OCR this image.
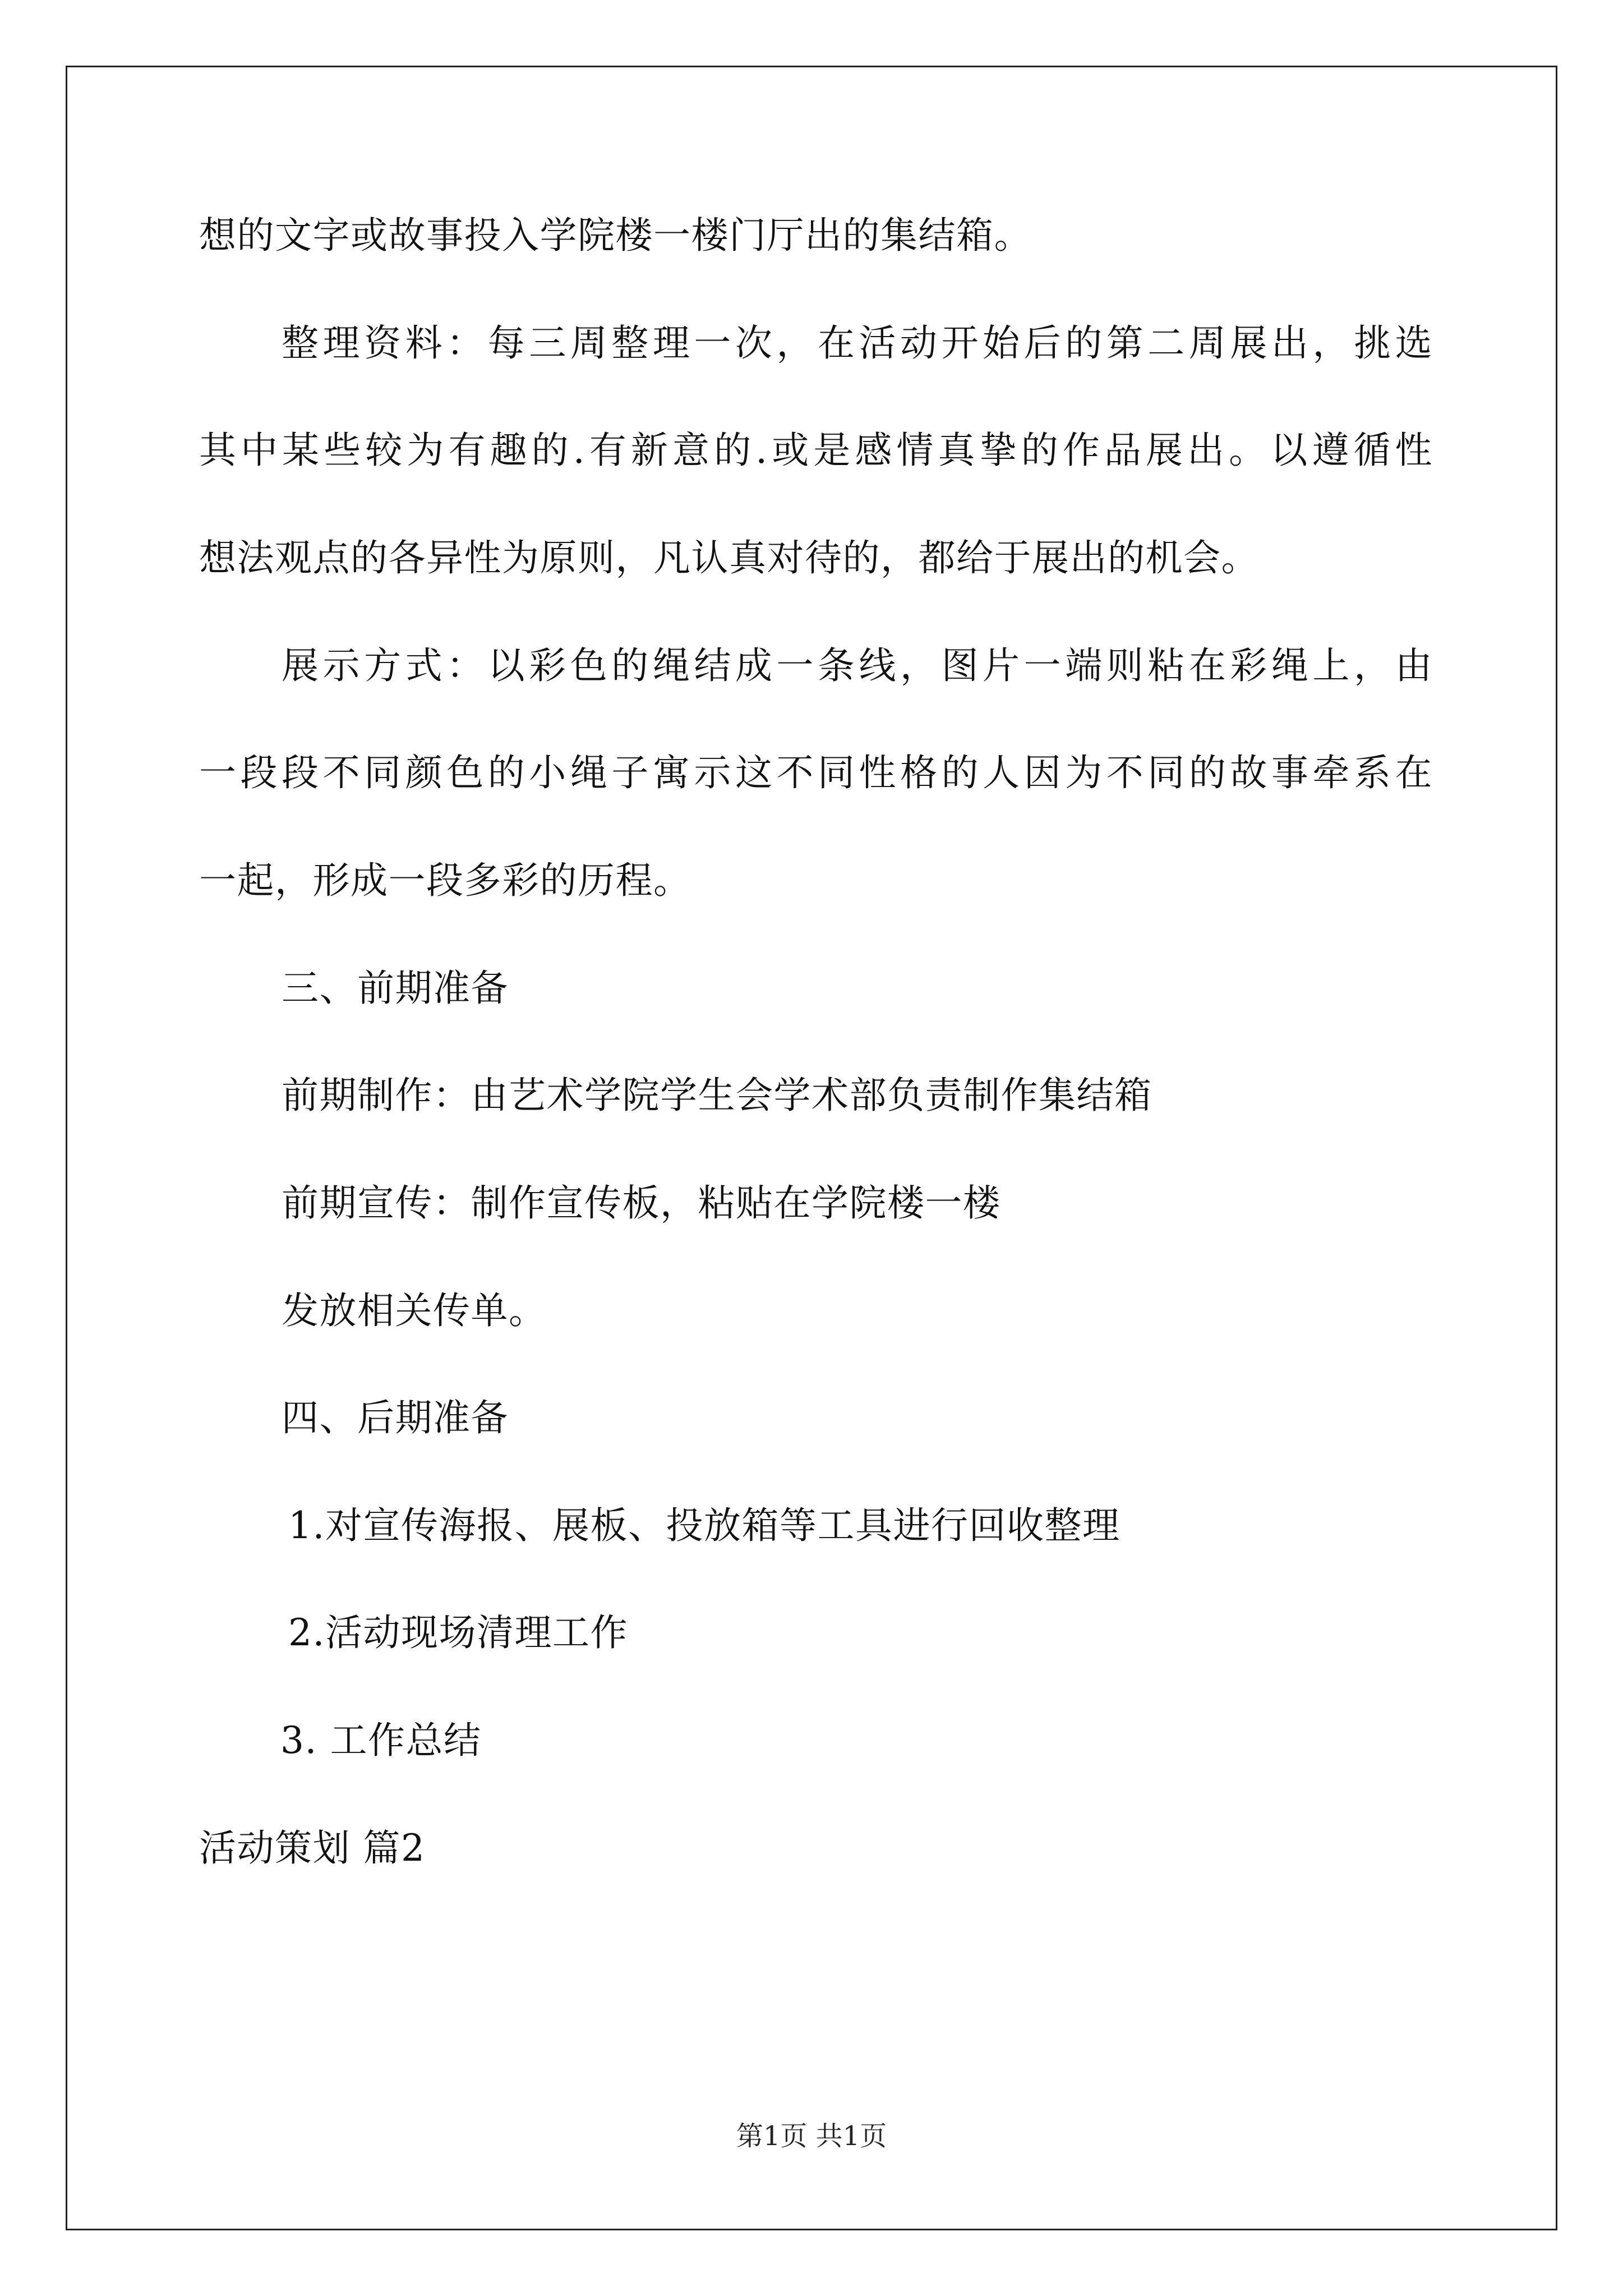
想的文字或故事投入学院楼一楼门厅出的集结箱。
整理资料：每三周整理一次，在活动开始后的第二周展出，挑选
其中某些较为有趣的.有新意的.或是感情真挚的作品展出。以遵循性
想法观点的各异性为原则，凡认真对待的，都给于展出的机会。
展示方式：以彩色的绳结成一条线，图片一端则粘在彩绳上，由
一段段不同颜色的小绳子寓示这不同性格的人因为不同的故事牵系在
一起，形成一段多彩的历程。
三、前期准备
前期制作：由艺术学院学生会学术部负责制作集结箱
前期宣传：制作宣传板，粘贴在学院楼一楼
发放相关传单。
四、后期准备
1.对宣传海报、展板、投放箱等工具进行回收整理
2.活动现场清理工作
3. 工作总结
活动策划 篇2
第1页 共1页
